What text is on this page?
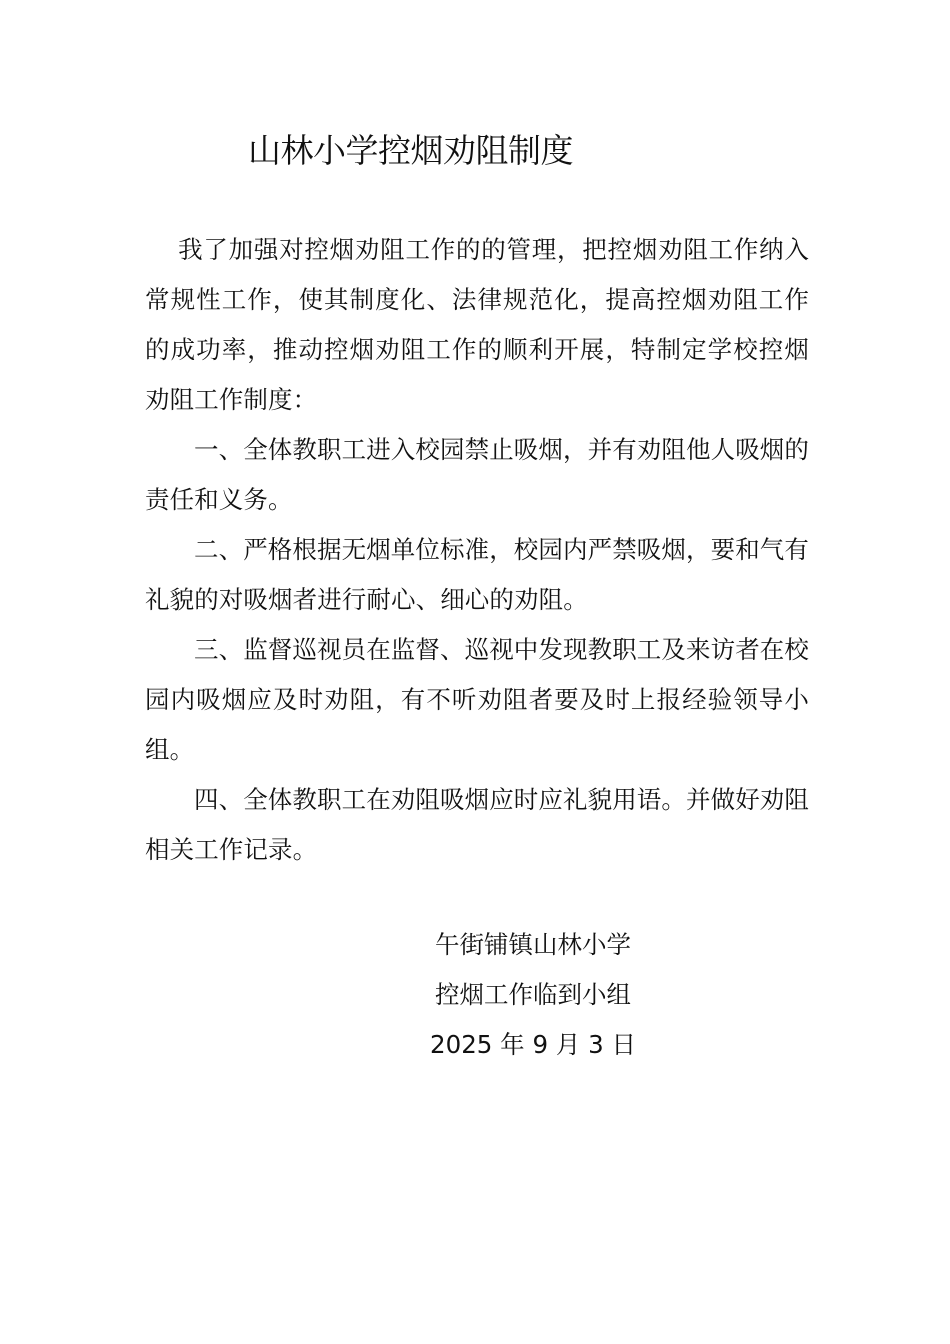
山林小学控烟劝阻制度

我了加强对控烟劝阻工作的的管理，把控烟劝阻工作纳入常规性工作，使其制度化、法律规范化，提高控烟劝阻工作的成功率，推动控烟劝阻工作的顺利开展，特制定学校控烟劝阻工作制度：

一、全体教职工进入校园禁止吸烟，并有劝阻他人吸烟的责任和义务。

二、严格根据无烟单位标准，校园内严禁吸烟，要和气有礼貌的对吸烟者进行耐心、细心的劝阻。

三、监督巡视员在监督、巡视中发现教职工及来访者在校园内吸烟应及时劝阻，有不听劝阻者要及时上报经验领导小组。

四、全体教职工在劝阻吸烟应时应礼貌用语。并做好劝阻相关工作记录。

午街铺镇山林小学
控烟工作临到小组
2025 年 9 月 3 日
